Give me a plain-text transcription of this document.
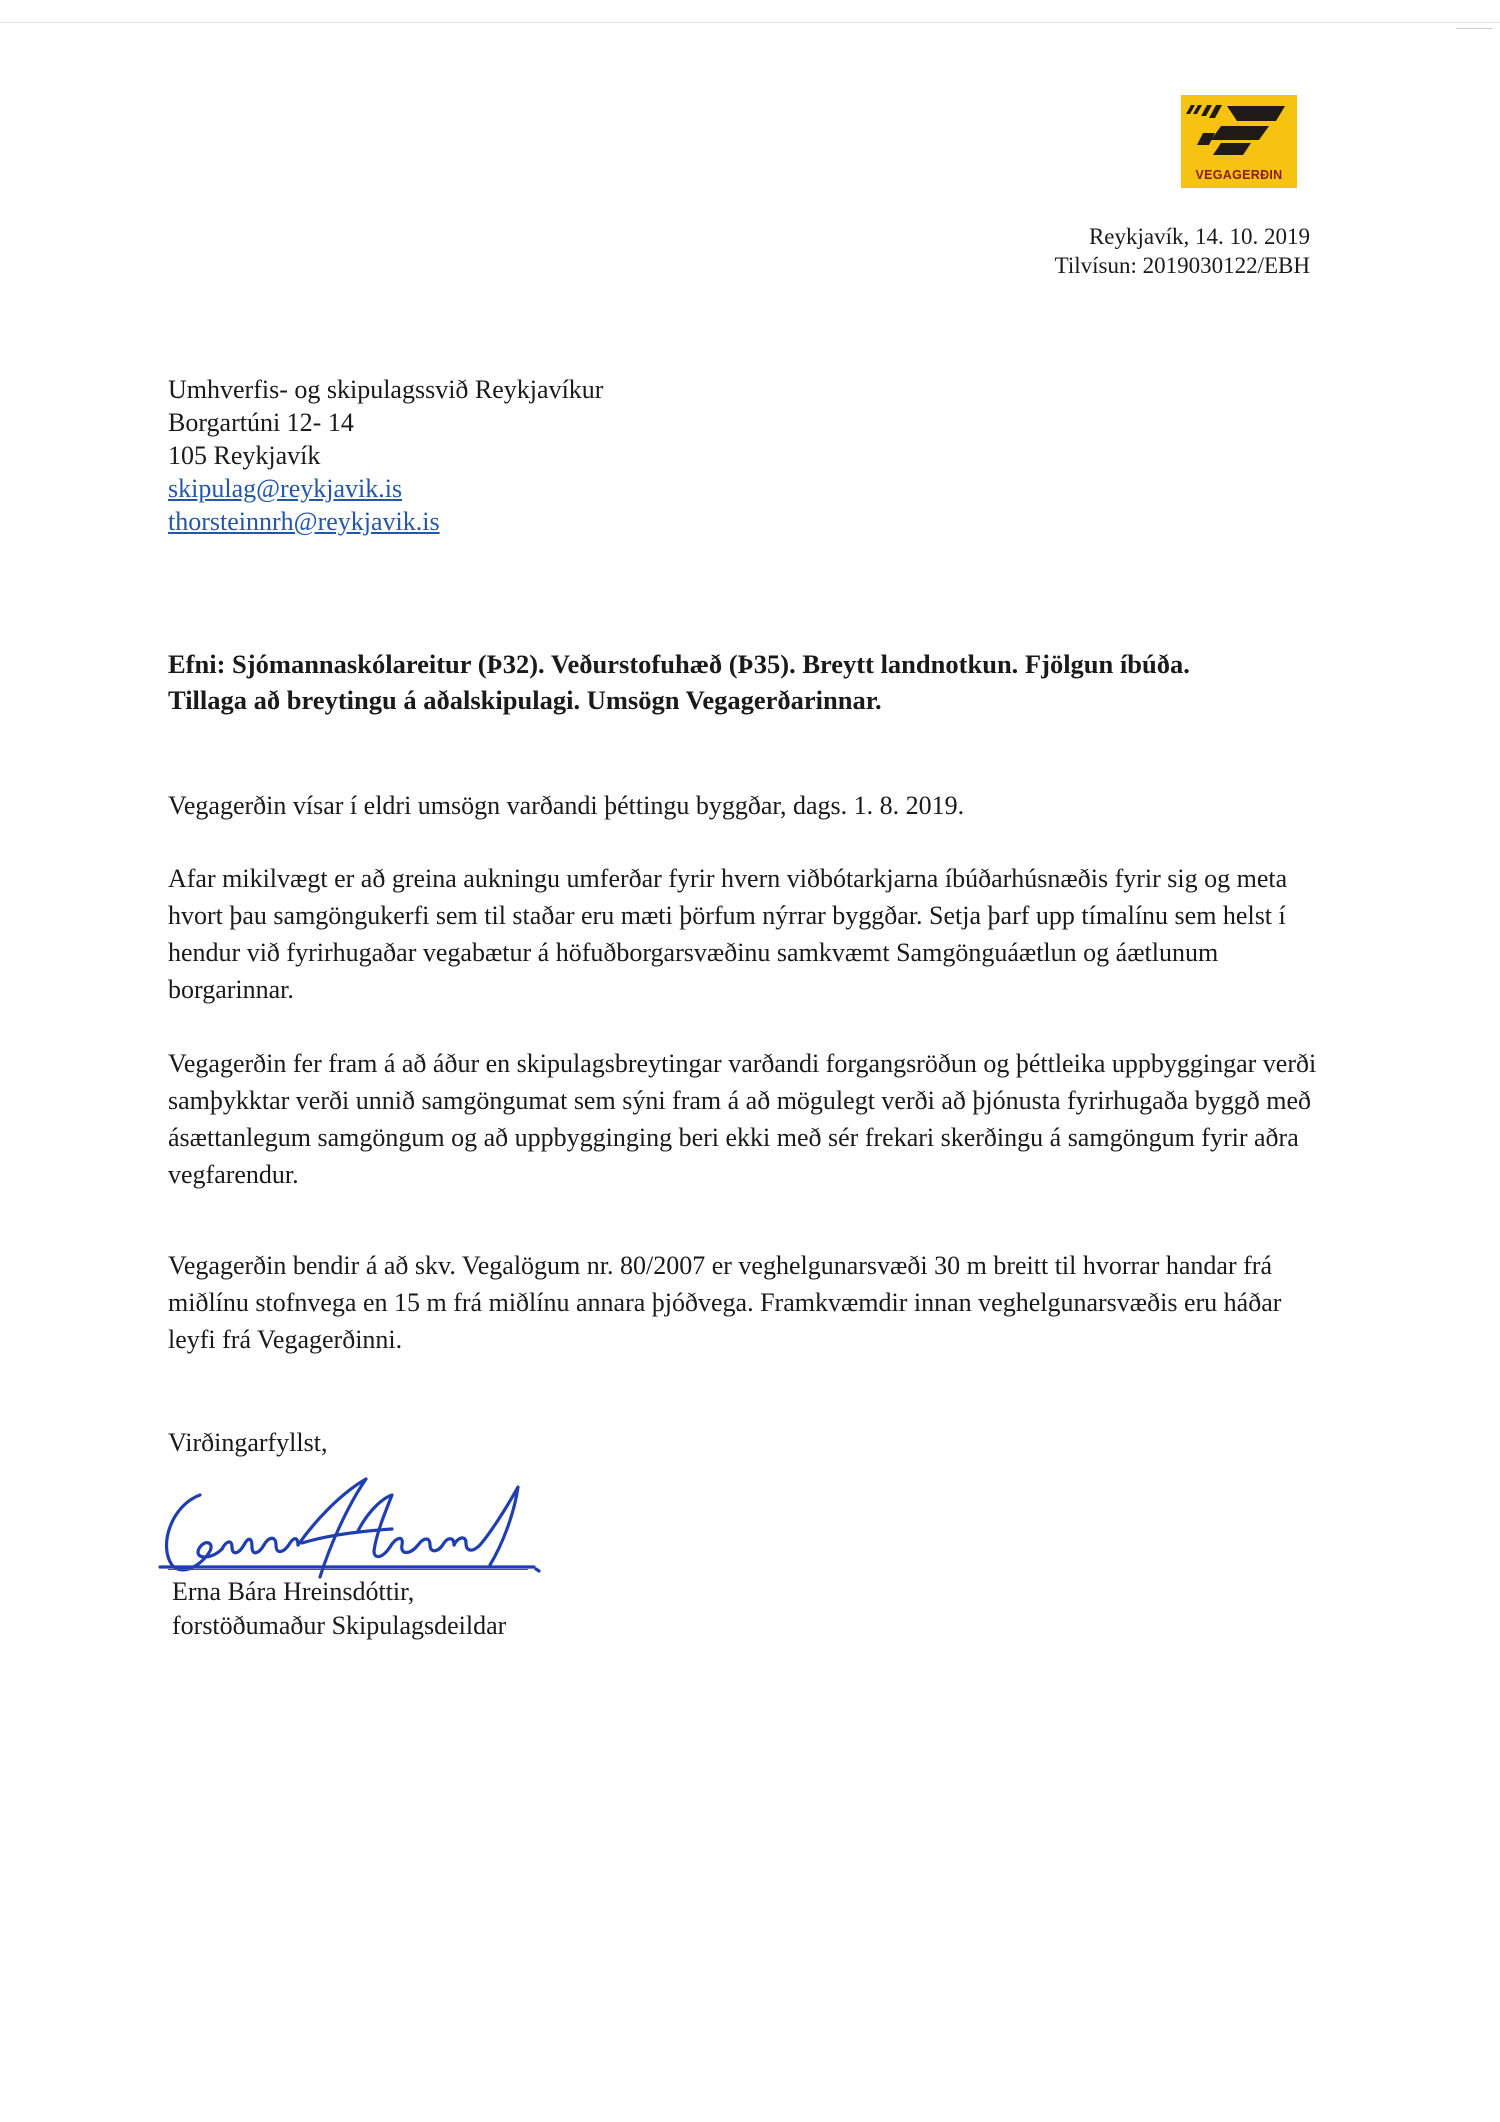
VEGAGERÐIN
Reykjavík, 14. 10. 2019
Tilvísun: 2019030122/EBH
Umhverfis- og skipulagssvið Reykjavíkur
Borgartúni 12- 14
105 Reykjavík
skipulag@reykjavik.is
thorsteinnrh@reykjavik.is
Efni: Sjómannaskólareitur (Þ32). Veðurstofuhæð (Þ35). Breytt landnotkun. Fjölgun íbúða.
Tillaga að breytingu á aðalskipulagi. Umsögn Vegagerðarinnar.

Vegagerðin vísar í eldri umsögn varðandi þéttingu byggðar, dags. 1. 8. 2019.

Afar mikilvægt er að greina aukningu umferðar fyrir hvern viðbótarkjarna íbúðarhúsnæðis fyrir sig og meta hvort þau samgöngukerfi sem til staðar eru mæti þörfum nýrrar byggðar. Setja þarf upp tímalínu sem helst í hendur við fyrirhugaðar vegabætur á höfuðborgarsvæðinu samkvæmt Samgönguáætlun og áætlunum borgarinnar.

Vegagerðin fer fram á að áður en skipulagsbreytingar varðandi forgangsröðun og þéttleika uppbyggingar verði samþykktar verði unnið samgöngumat sem sýni fram á að mögulegt verði að þjónusta fyrirhugaða byggð með ásættanlegum samgöngum og að uppbygginging beri ekki með sér frekari skerðingu á samgöngum fyrir aðra vegfarendur.

Vegagerðin bendir á að skv. Vegalögum nr. 80/2007 er veghelgunarsvæði 30 m breitt til hvorrar handar frá miðlínu stofnvega en 15 m frá miðlínu annara þjóðvega. Framkvæmdir innan veghelgunarsvæðis eru háðar leyfi frá Vegagerðinni.

Virðingarfyllst,
Erna Bára Hreinsdóttir,
forstöðumaður Skipulagsdeildar
